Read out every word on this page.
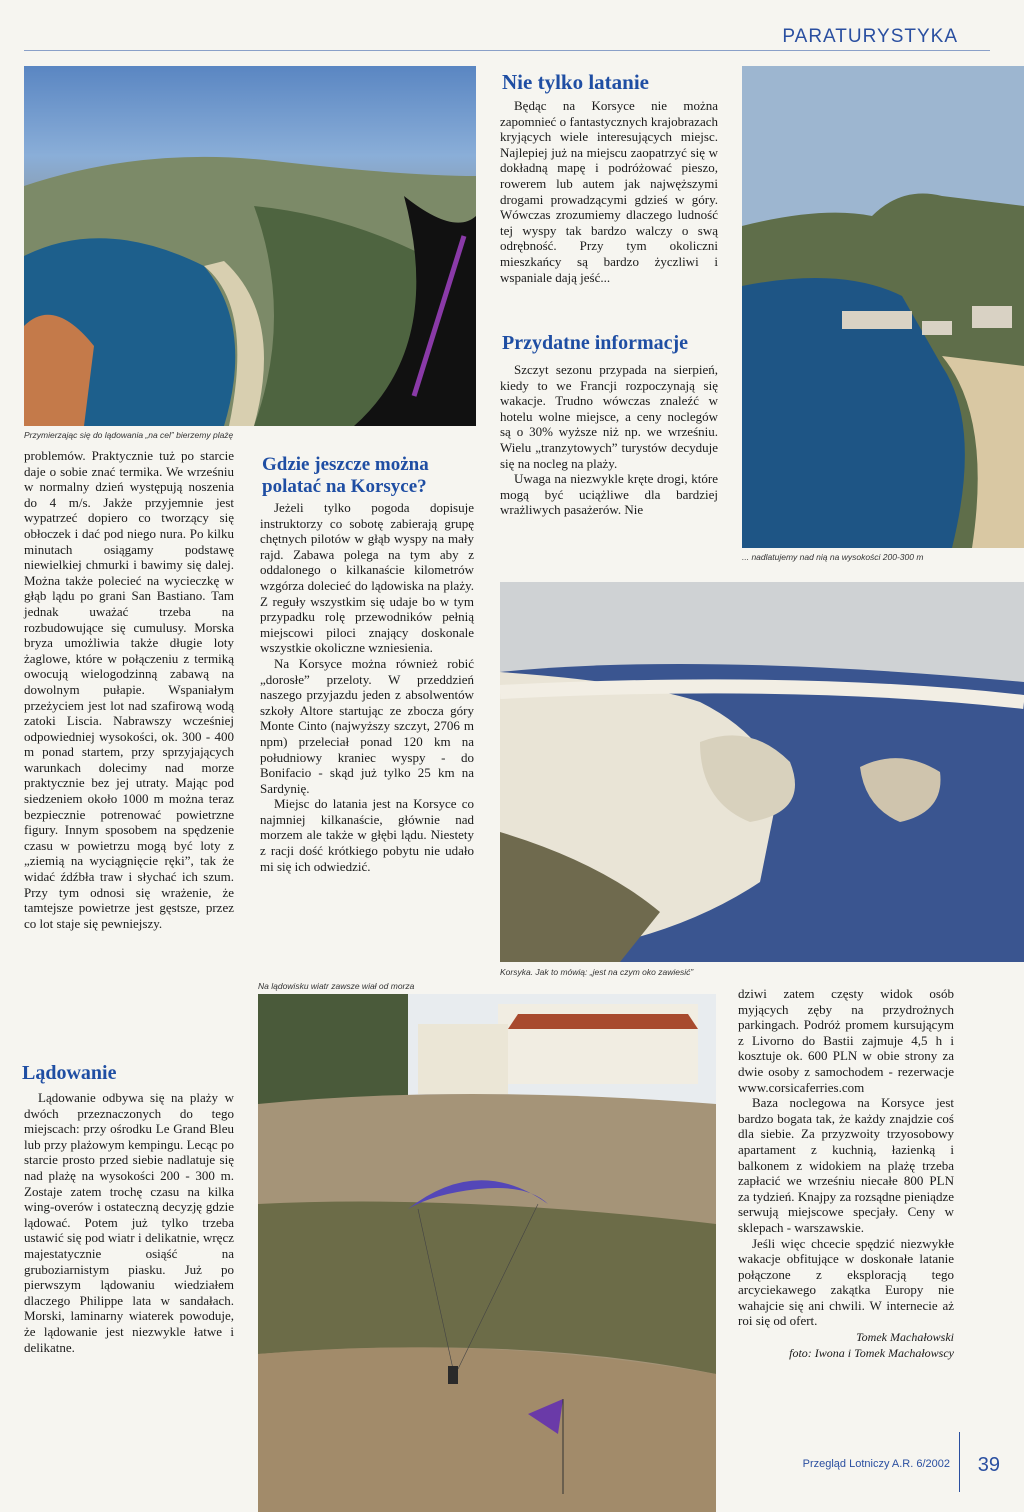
PARATURYSTYKA
Przymierzając się do lądowania „na cel” bierzemy plażę
... nadlatujemy nad nią na wysokości 200-300 m
Korsyka. Jak to mówią: „jest na czym oko zawiesić”
Na lądowisku wiatr zawsze wiał od morza

problemów. Praktycznie tuż po starcie daje o sobie znać termika. We wrześniu w normalny dzień występują noszenia do 4 m/s. Jakże przyjemnie jest wypatrzeć dopiero co tworzący się obłoczek i dać pod niego nura. Po kilku minutach osiągamy podstawę niewielkiej chmurki i bawimy się dalej. Można także polecieć na wycieczkę w głąb lądu po grani San Bastiano. Tam jednak uważać trzeba na rozbudowujące się cumulusy. Morska bryza umożliwia także długie loty żaglowe, które w połączeniu z termiką owocują wielogodzinną zabawą na dowolnym pułapie. Wspaniałym przeżyciem jest lot nad szafirową wodą zatoki Liscia. Nabrawszy wcześniej odpowiedniej wysokości, ok. 300 - 400 m ponad startem, przy sprzyjających warunkach dolecimy nad morze praktycznie bez jej utraty. Mając pod siedzeniem około 1000 m można teraz bezpiecznie potrenować powietrzne figury. Innym sposobem na spędzenie czasu w powietrzu mogą być loty z „ziemią na wyciągnięcie ręki”, tak że widać źdźbła traw i słychać ich szum. Przy tym odnosi się wrażenie, że tamtejsze powietrze jest gęstsze, przez co lot staje się pewniejszy.

Lądowanie

Lądowanie odbywa się na plaży w dwóch przeznaczonych do tego miejscach: przy ośrodku Le Grand Bleu lub przy plażowym kempingu. Lecąc po starcie prosto przed siebie nadlatuje się nad plażę na wysokości 200 - 300 m. Zostaje zatem trochę czasu na kilka wing-overów i ostateczną decyzję gdzie lądować. Potem już tylko trzeba ustawić się pod wiatr i delikatnie, wręcz majestatycznie osiąść na gruboziarnistym piasku. Już po pierwszym lądowaniu wiedziałem dlaczego Philippe lata w sandałach. Morski, laminarny wiaterek powoduje, że lądowanie jest niezwykle łatwe i delikatne.

Gdzie jeszcze można polatać na Korsyce?

Jeżeli tylko pogoda dopisuje instruktorzy co sobotę zabierają grupę chętnych pilotów w głąb wyspy na mały rajd. Zabawa polega na tym aby z oddalonego o kilkanaście kilometrów wzgórza dolecieć do lądowiska na plaży. Z reguły wszystkim się udaje bo w tym przypadku rolę przewodników pełnią miejscowi piloci znający doskonale wszystkie okoliczne wzniesienia.

Na Korsyce można również robić „dorosłe” przeloty. W przeddzień naszego przyjazdu jeden z absolwentów szkoły Altore startując ze zbocza góry Monte Cinto (najwyższy szczyt, 2706 m npm) przeleciał ponad 120 km na południowy kraniec wyspy - do Bonifacio - skąd już tylko 25 km na Sardynię.

Miejsc do latania jest na Korsyce co najmniej kilkanaście, głównie nad morzem ale także w głębi lądu. Niestety z racji dość krótkiego pobytu nie udało mi się ich odwiedzić.

Nie tylko latanie

Będąc na Korsyce nie można zapomnieć o fantastycznych krajobrazach kryjących wiele interesujących miejsc. Najlepiej już na miejscu zaopatrzyć się w dokładną mapę i podróżować pieszo, rowerem lub autem jak najwęższymi drogami prowadzącymi gdzieś w góry. Wówczas zrozumiemy dlaczego ludność tej wyspy tak bardzo walczy o swą odrębność. Przy tym okoliczni mieszkańcy są bardzo życzliwi i wspaniale dają jeść...

Przydatne informacje

Szczyt sezonu przypada na sierpień, kiedy to we Francji rozpoczynają się wakacje. Trudno wówczas znaleźć w hotelu wolne miejsce, a ceny noclegów są o 30% wyższe niż np. we wrześniu. Wielu „tranzytowych” turystów decyduje się na nocleg na plaży.

Uwaga na niezwykle kręte drogi, które mogą być uciążliwe dla bardziej wrażliwych pasażerów. Nie

dziwi zatem częsty widok osób myjących zęby na przydrożnych parkingach. Podróż promem kursującym z Livorno do Bastii zajmuje 4,5 h i kosztuje ok. 600 PLN w obie strony za dwie osoby z samochodem - rezerwacje www.corsicaferries.com

Baza noclegowa na Korsyce jest bardzo bogata tak, że każdy znajdzie coś dla siebie. Za przyzwoity trzyosobowy apartament z kuchnią, łazienką i balkonem z widokiem na plażę trzeba zapłacić we wrześniu niecałe 800 PLN za tydzień. Knajpy za rozsądne pieniądze serwują miejscowe specjały. Ceny w sklepach - warszawskie.

Jeśli więc chcecie spędzić niezwykłe wakacje obfitujące w doskonałe latanie połączone z eksploracją tego arcyciekawego zakątka Europy nie wahajcie się ani chwili. W internecie aż roi się od ofert.

Tomek Machałowski
foto: Iwona i Tomek Machałowscy
Przegląd Lotniczy A.R. 6/2002 39
